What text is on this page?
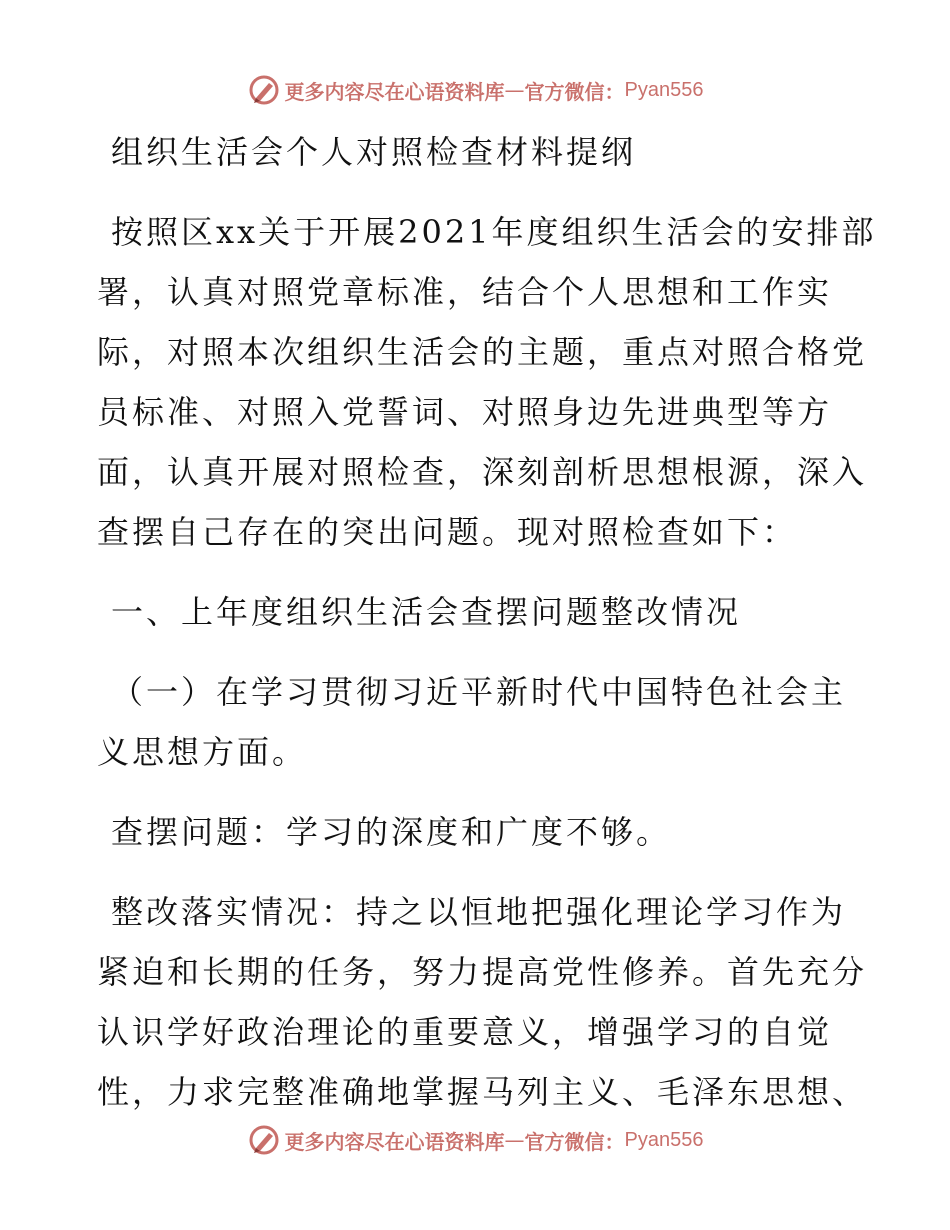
更多内容尽在心语资料库 — 官方微信： Pyan556
组织生活会个人对照检查材料提纲
按照区xx关于开展2021年度组织生活会的安排部
署，认真对照党章标准，结合个人思想和工作实
际，对照本次组织生活会的主题，重点对照合格党
员标准、对照入党誓词、对照身边先进典型等方
面，认真开展对照检查，深刻剖析思想根源，深入
查摆自己存在的突出问题。现对照检查如下：
一、上年度组织生活会查摆问题整改情况
（一）在学习贯彻习近平新时代中国特色社会主
义思想方面。
查摆问题：学习的深度和广度不够。
整改落实情况：持之以恒地把强化理论学习作为
紧迫和长期的任务，努力提高党性修养。首先充分
认识学好政治理论的重要意义，增强学习的自觉
性，力求完整准确地掌握马列主义、毛泽东思想、
更多内容尽在心语资料库 — 官方微信： Pyan556
